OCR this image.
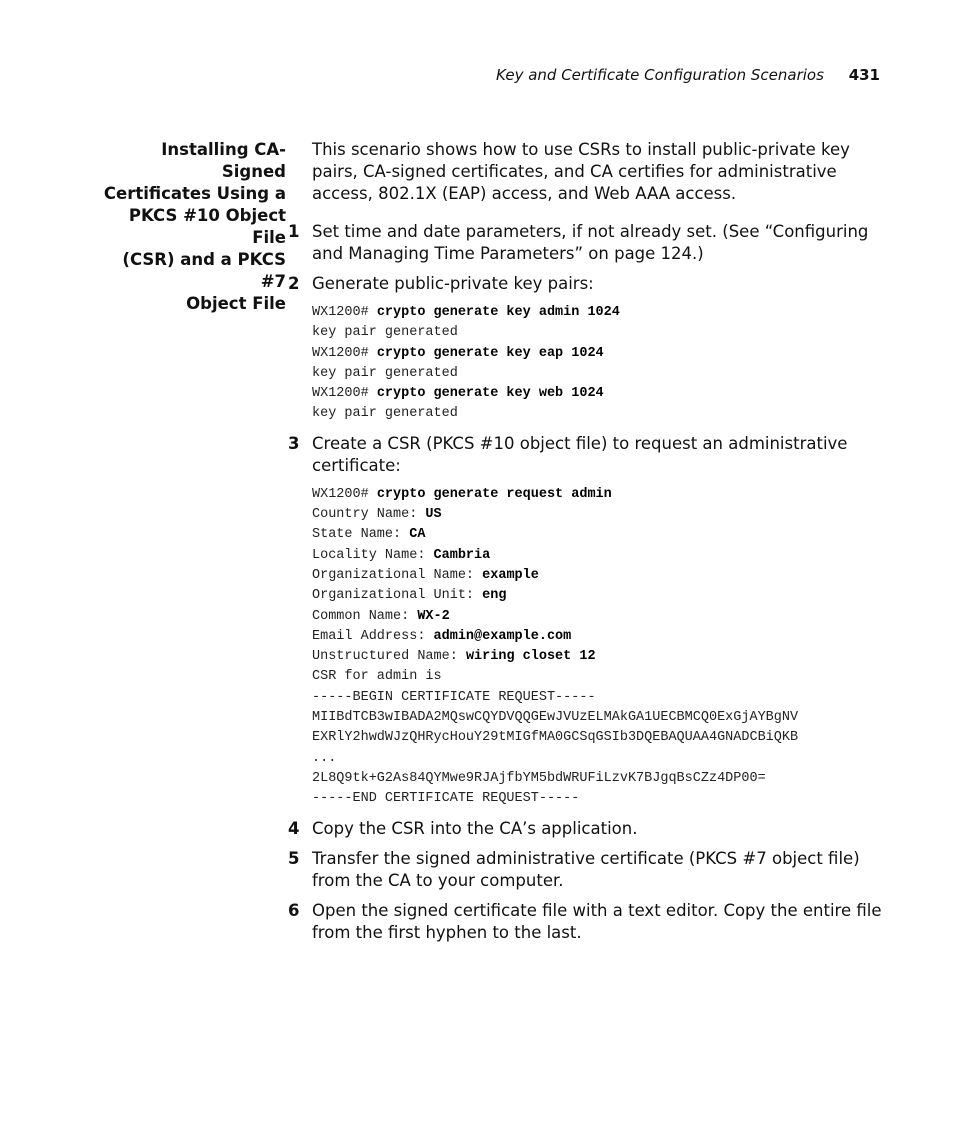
Key and Certificate Configuration Scenarios 431
Installing CA-Signed
Certificates Using a
PKCS #10 Object File
(CSR) and a PKCS #7
Object File

This scenario shows how to use CSRs to install public-private key pairs, CA-signed certificates, and CA certifies for administrative access, 802.1X (EAP) access, and Web AAA access.

1 Set time and date parameters, if not already set. (See “Configuring and Managing Time Parameters” on page 124.)
2 Generate public-private key pairs:
WX1200# crypto generate key admin 1024
key pair generated
WX1200# crypto generate key eap 1024
key pair generated
WX1200# crypto generate key web 1024
key pair generated
3 Create a CSR (PKCS #10 object file) to request an administrative certificate:
WX1200# crypto generate request admin
Country Name: US
State Name: CA
Locality Name: Cambria
Organizational Name: example
Organizational Unit: eng
Common Name: WX-2
Email Address: admin@example.com
Unstructured Name: wiring closet 12
CSR for admin is
-----BEGIN CERTIFICATE REQUEST-----
MIIBdTCB3wIBADA2MQswCQYDVQQGEwJVUzELMAkGA1UECBMCQ0ExGjAYBgNV
EXRlY2hwdWJzQHRycHouY29tMIGfMA0GCSqGSIb3DQEBAQUAA4GNADCBiQKB
...
2L8Q9tk+G2As84QYMwe9RJAjfbYM5bdWRUFiLzvK7BJgqBsCZz4DP00=
-----END CERTIFICATE REQUEST-----
4 Copy the CSR into the CA’s application.
5 Transfer the signed administrative certificate (PKCS #7 object file) from the CA to your computer.
6 Open the signed certificate file with a text editor. Copy the entire file from the first hyphen to the last.
